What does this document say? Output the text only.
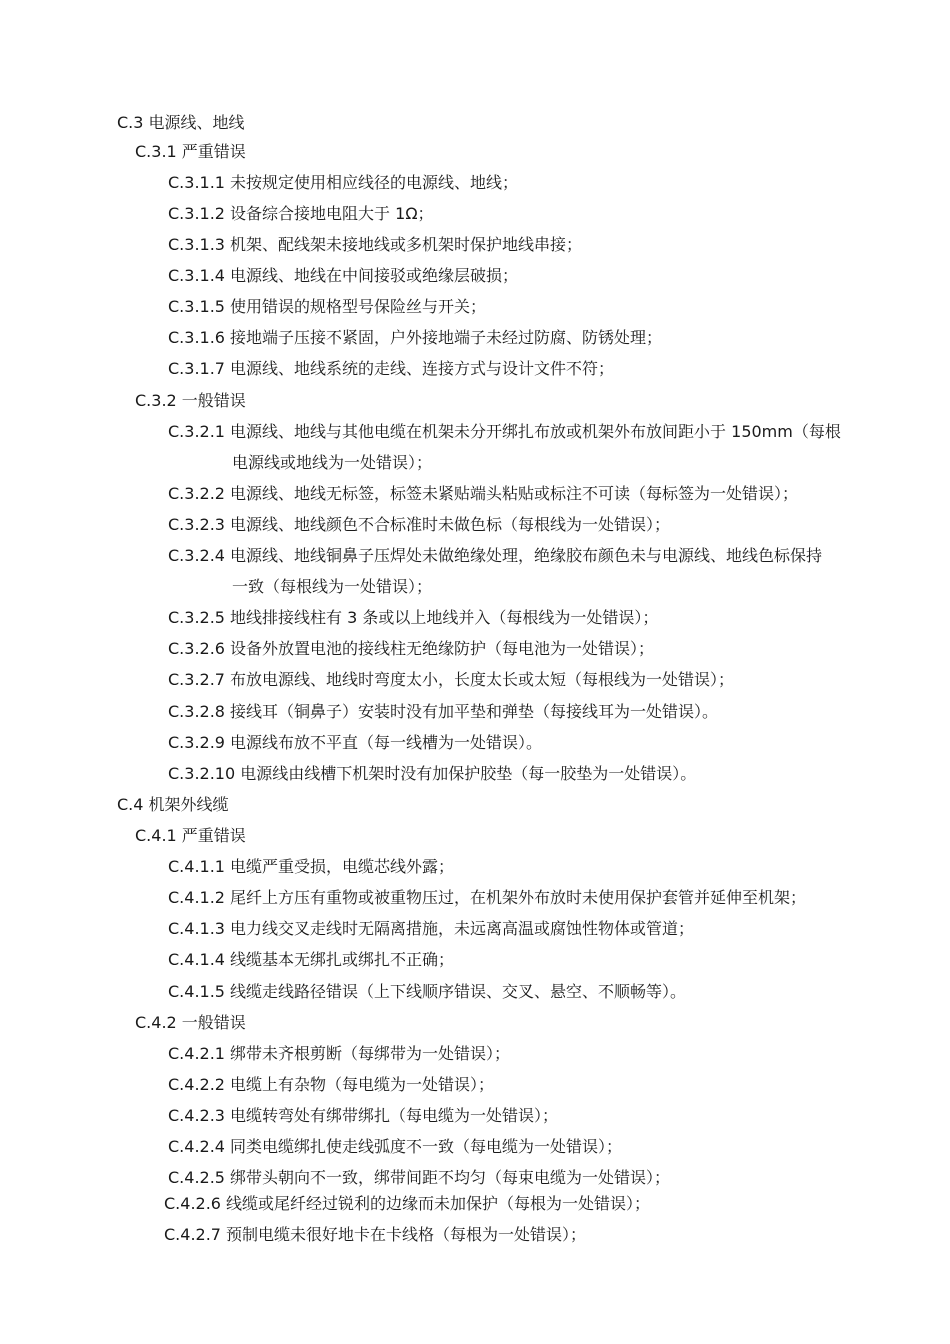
C.3 电源线、地线
C.3.1 严重错误
C.3.1.1 未按规定使用相应线径的电源线、地线；
C.3.1.2 设备综合接地电阻大于 1Ω；
C.3.1.3 机架、配线架未接地线或多机架时保护地线串接；
C.3.1.4 电源线、地线在中间接驳或绝缘层破损；
C.3.1.5 使用错误的规格型号保险丝与开关；
C.3.1.6 接地端子压接不紧固，户外接地端子未经过防腐、防锈处理；
C.3.1.7 电源线、地线系统的走线、连接方式与设计文件不符；
C.3.2 一般错误
C.3.2.1 电源线、地线与其他电缆在机架未分开绑扎布放或机架外布放间距小于 150mm（每根
电源线或地线为一处错误）；
C.3.2.2 电源线、地线无标签，标签未紧贴端头粘贴或标注不可读（每标签为一处错误）；
C.3.2.3 电源线、地线颜色不合标准时未做色标（每根线为一处错误）；
C.3.2.4 电源线、地线铜鼻子压焊处未做绝缘处理，绝缘胶布颜色未与电源线、地线色标保持
一致（每根线为一处错误）；
C.3.2.5 地线排接线柱有 3 条或以上地线并入（每根线为一处错误）；
C.3.2.6 设备外放置电池的接线柱无绝缘防护（每电池为一处错误）；
C.3.2.7 布放电源线、地线时弯度太小，长度太长或太短（每根线为一处错误）；
C.3.2.8 接线耳（铜鼻子）安装时没有加平垫和弹垫（每接线耳为一处错误）。
C.3.2.9 电源线布放不平直（每一线槽为一处错误）。
C.3.2.10 电源线由线槽下机架时没有加保护胶垫（每一胶垫为一处错误）。
C.4 机架外线缆
C.4.1 严重错误
C.4.1.1 电缆严重受损，电缆芯线外露；
C.4.1.2 尾纤上方压有重物或被重物压过，在机架外布放时未使用保护套管并延伸至机架；
C.4.1.3 电力线交叉走线时无隔离措施，未远离高温或腐蚀性物体或管道；
C.4.1.4 线缆基本无绑扎或绑扎不正确；
C.4.1.5 线缆走线路径错误（上下线顺序错误、交叉、悬空、不顺畅等）。
C.4.2 一般错误
C.4.2.1 绑带未齐根剪断（每绑带为一处错误）；
C.4.2.2 电缆上有杂物（每电缆为一处错误）；
C.4.2.3 电缆转弯处有绑带绑扎（每电缆为一处错误）；
C.4.2.4 同类电缆绑扎使走线弧度不一致（每电缆为一处错误）；
C.4.2.5 绑带头朝向不一致，绑带间距不均匀（每束电缆为一处错误）；
C.4.2.6 线缆或尾纤经过锐利的边缘而未加保护（每根为一处错误）；
C.4.2.7 预制电缆未很好地卡在卡线格（每根为一处错误）；
